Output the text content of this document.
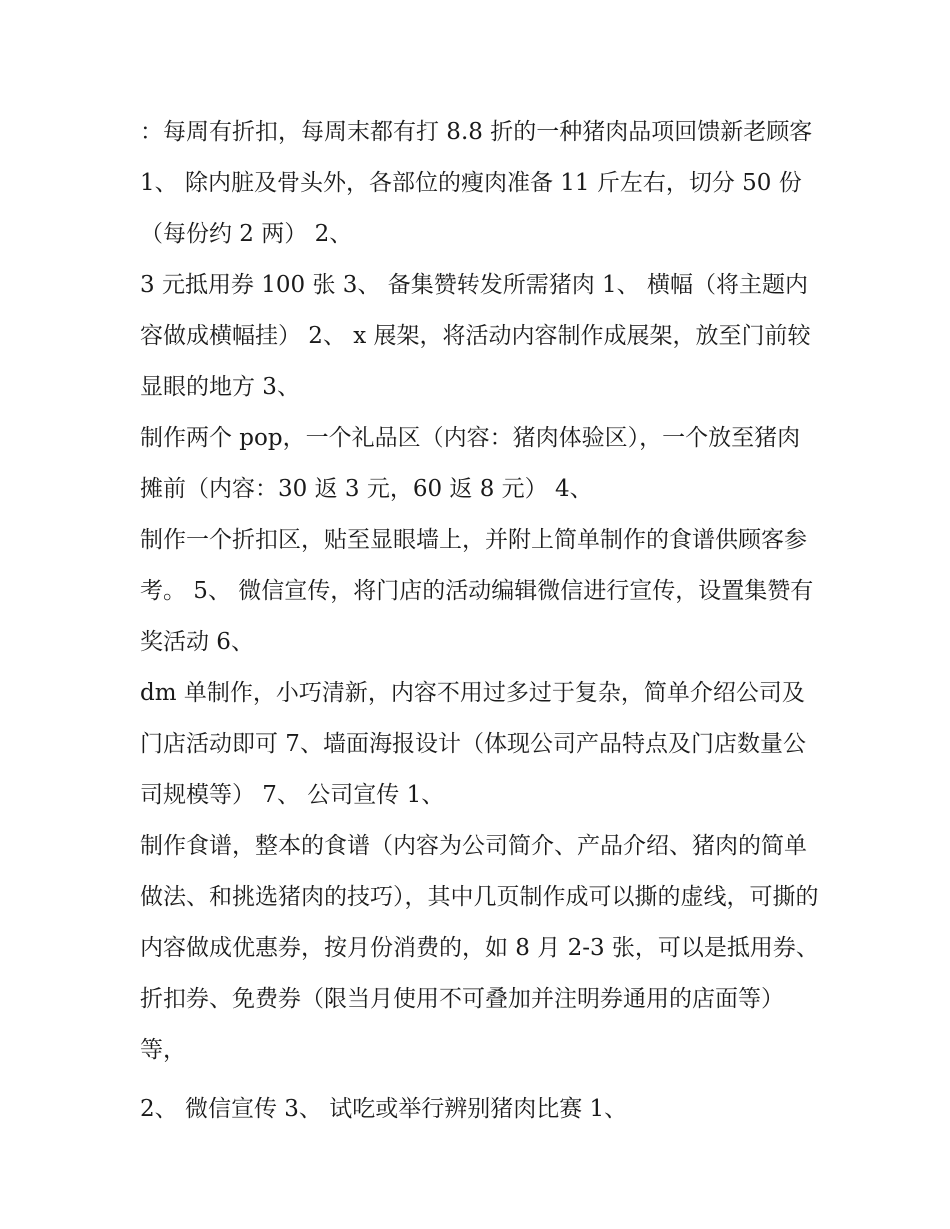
：每周有折扣，每周末都有打 8.8 折的一种猪肉品项回馈新老顾客 1、 除内脏及骨头外，各部位的瘦肉准备 11 斤左右，切分 50 份（每份约 2 两） 2、

3 元抵用券 100 张 3、 备集赞转发所需猪肉 1、 横幅（将主题内容做成横幅挂） 2、 x 展架，将活动内容制作成展架，放至门前较显眼的地方 3、

制作两个 pop，一个礼品区（内容：猪肉体验区），一个放至猪肉摊前（内容：30 返 3 元，60 返 8 元） 4、

制作一个折扣区，贴至显眼墙上，并附上简单制作的食谱供顾客参考。 5、 微信宣传，将门店的活动编辑微信进行宣传，设置集赞有奖活动 6、

dm 单制作，小巧清新，内容不用过多过于复杂，简单介绍公司及门店活动即可 7、墙面海报设计（体现公司产品特点及门店数量公司规模等） 7、 公司宣传 1、

制作食谱，整本的食谱（内容为公司简介、产品介绍、猪肉的简单做法、和挑选猪肉的技巧），其中几页制作成可以撕的虚线，可撕的内容做成优惠券，按月份消费的，如 8 月 2-3 张，可以是抵用券、折扣券、免费券（限当月使用不可叠加并注明券通用的店面等）等，

2、 微信宣传 3、 试吃或举行辨别猪肉比赛 1、
